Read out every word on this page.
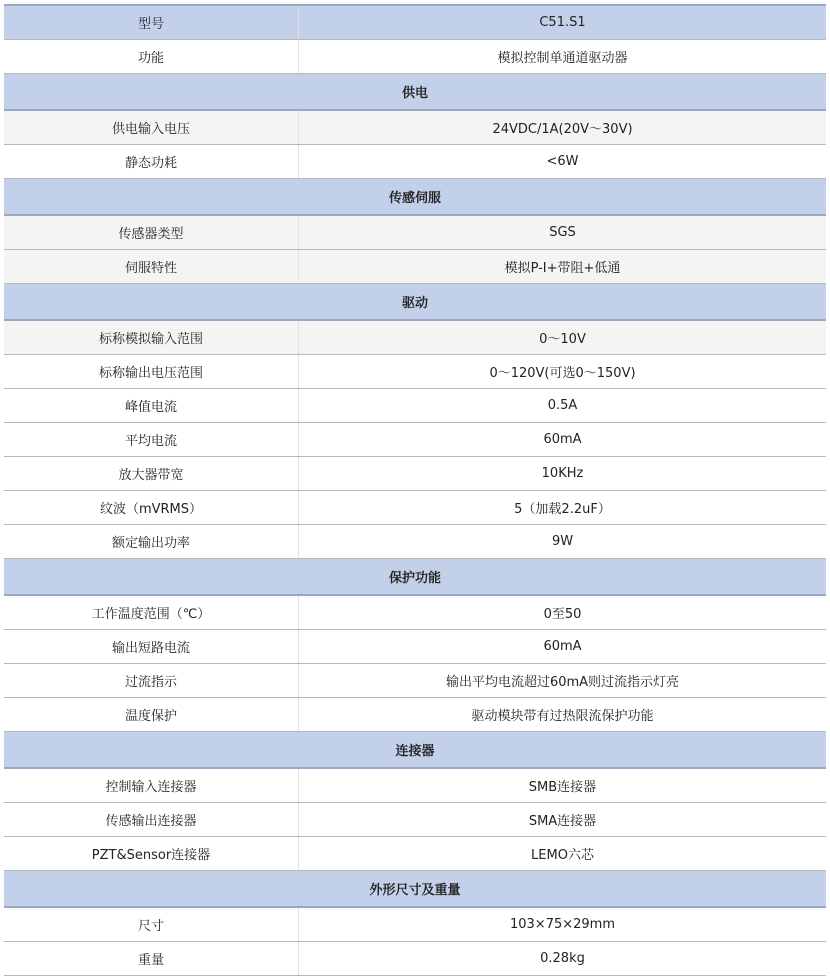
型号	C51.S1
功能	模拟控制单通道驱动器
供电	
供电输入电压	24VDC/1A(20V～30V)
静态功耗	<6W
传感伺服	
传感器类型	SGS
伺服特性	模拟P-I+带阻+低通
驱动	
标称模拟输入范围	0～10V
标称输出电压范围	0～120V(可选0～150V)
峰值电流	0.5A
平均电流	60mA
放大器带宽	10KHz
纹波（mVRMS）	5（加载2.2uF）
额定输出功率	9W
保护功能	
工作温度范围（℃）	0至50
输出短路电流	60mA
过流指示	输出平均电流超过60mA则过流指示灯亮
温度保护	驱动模块带有过热限流保护功能
连接器	
控制输入连接器	SMB连接器
传感输出连接器	SMA连接器
PZT&Sensor连接器	LEMO六芯
外形尺寸及重量	
尺寸	103×75×29mm
重量	0.28kg
